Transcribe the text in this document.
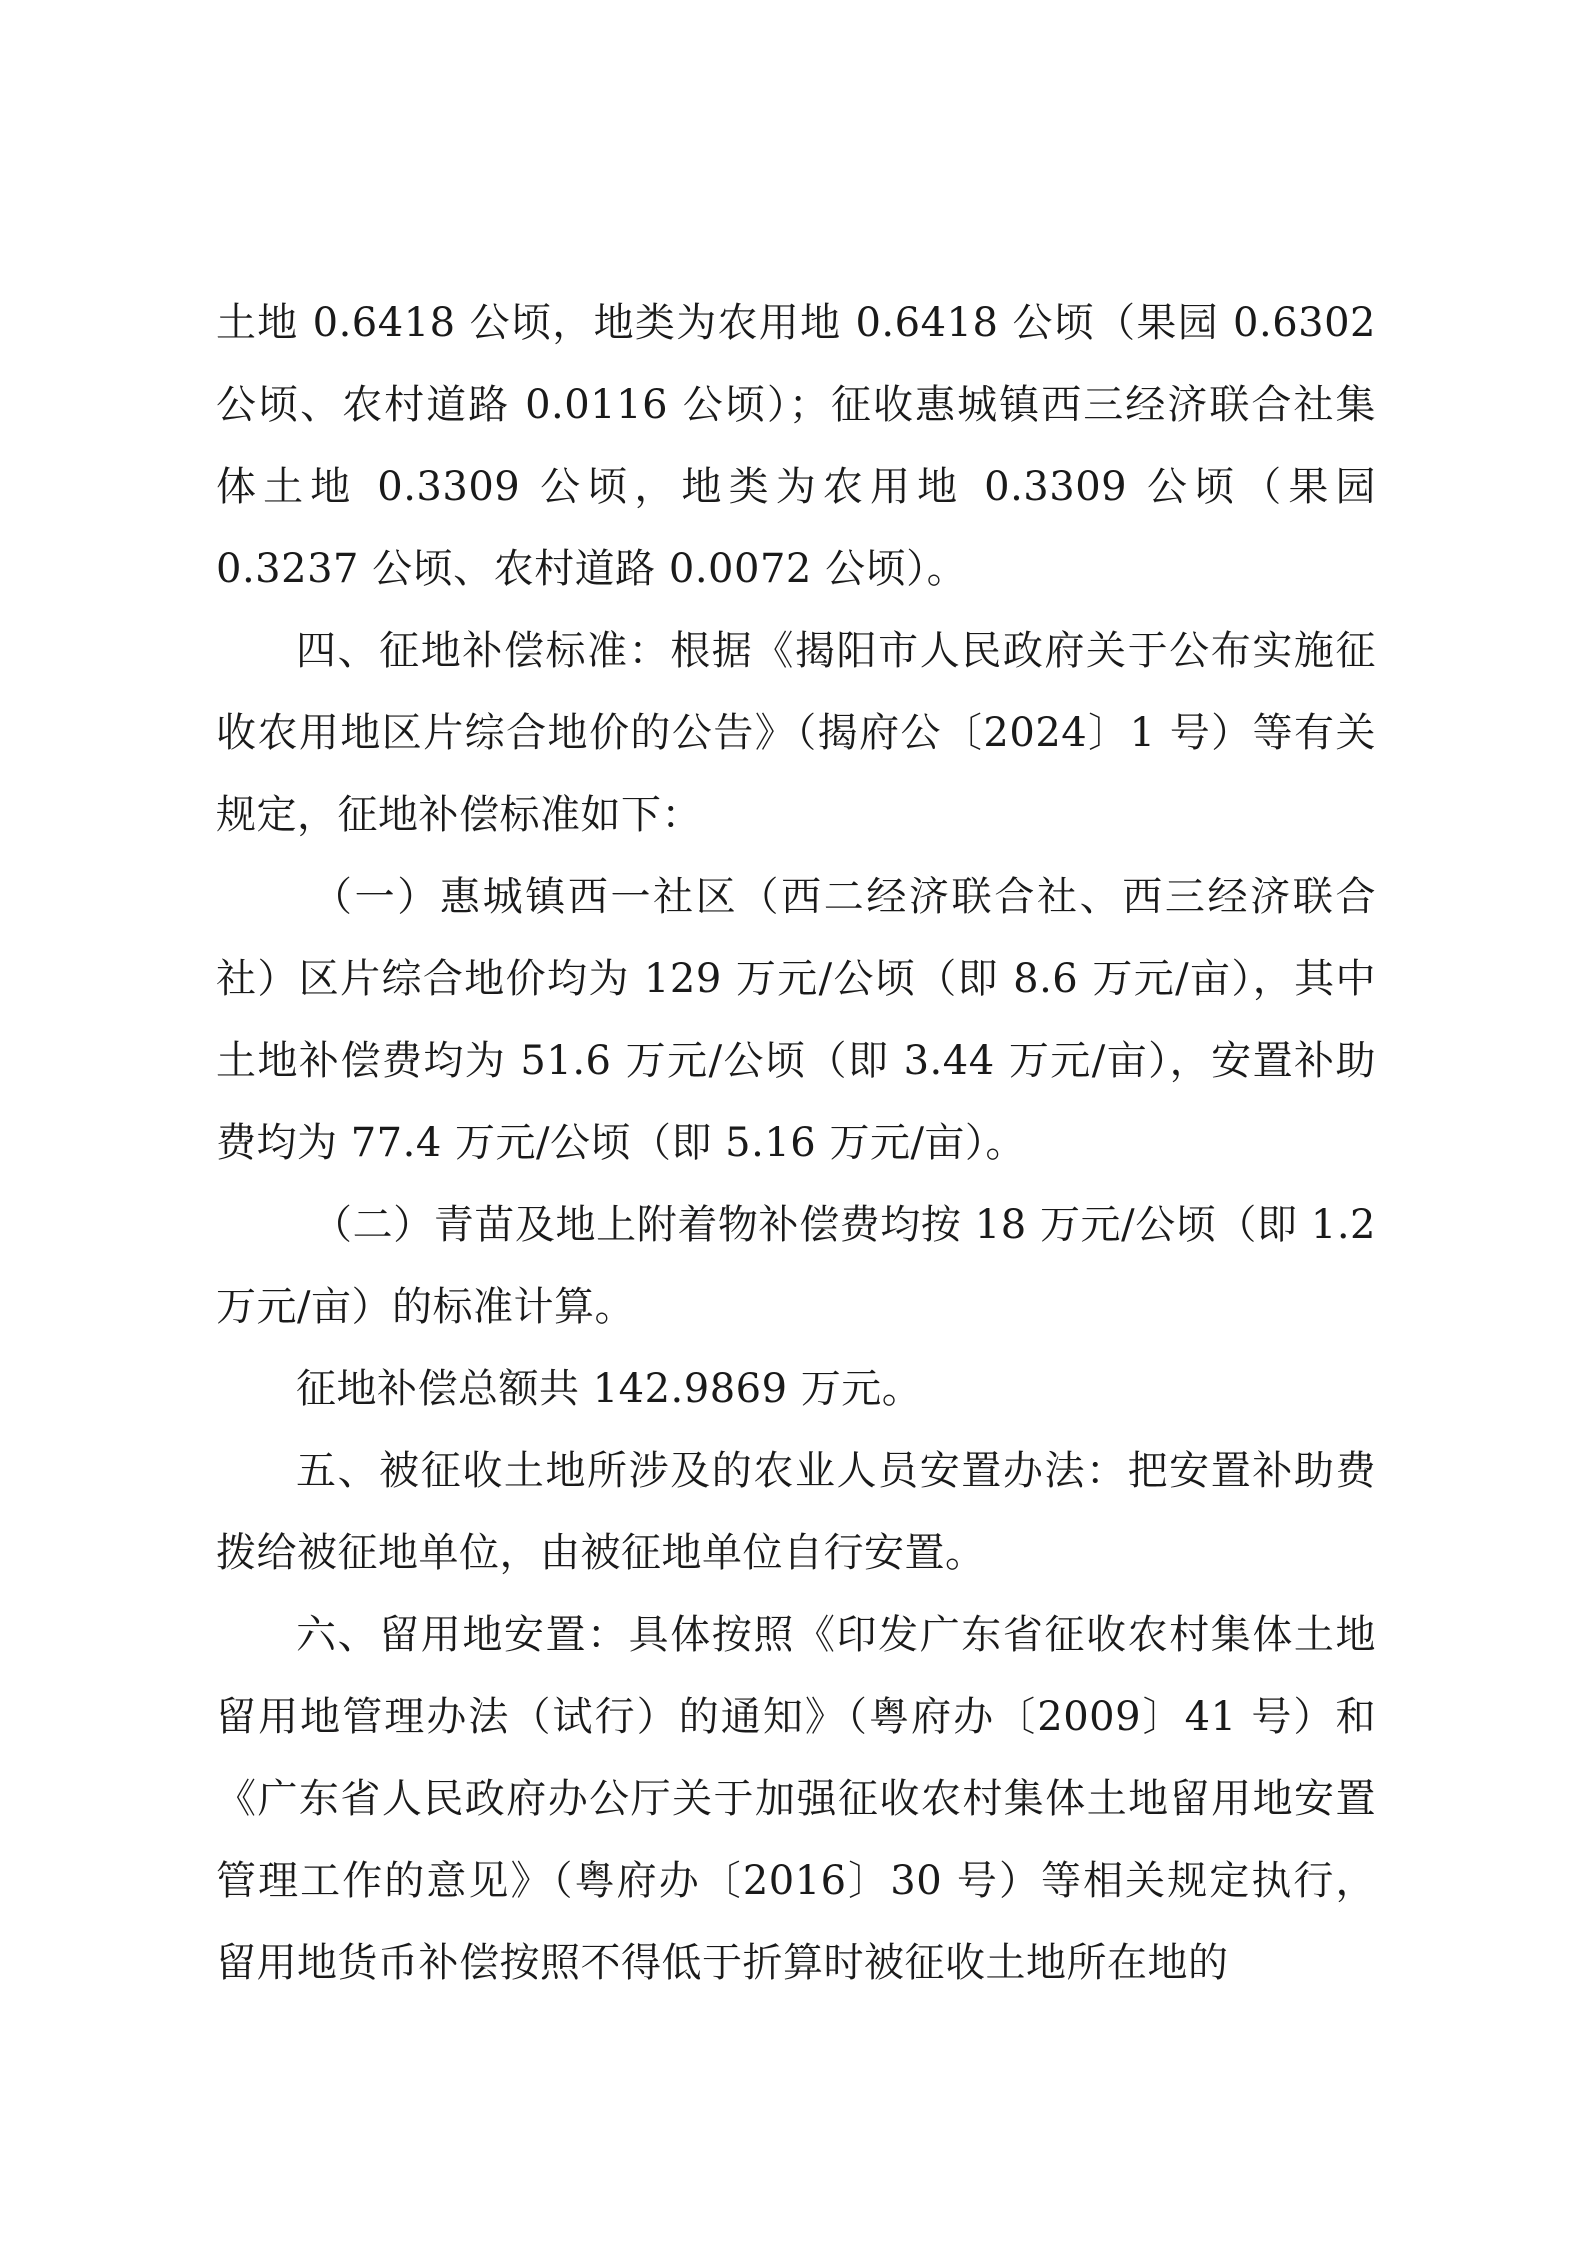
土地 0.6418 公顷，地类为农用地 0.6418 公顷（果园 0.6302 公顷、农村道路 0.0116 公顷）；征收惠城镇西三经济联合社集体土地 0.3309 公顷，地类为农用地 0.3309 公顷（果园 0.3237 公顷、农村道路 0.0072 公顷）。

四、征地补偿标准：根据《揭阳市人民政府关于公布实施征收农用地区片综合地价的公告》（揭府公〔2024〕1 号）等有关规定，征地补偿标准如下：

（一）惠城镇西一社区（西二经济联合社、西三经济联合社）区片综合地价均为 129 万元/公顷（即 8.6 万元/亩），其中土地补偿费均为 51.6 万元/公顷（即 3.44 万元/亩），安置补助费均为 77.4 万元/公顷（即 5.16 万元/亩）。

（二）青苗及地上附着物补偿费均按 18 万元/公顷（即 1.2 万元/亩）的标准计算。

征地补偿总额共 142.9869 万元。

五、被征收土地所涉及的农业人员安置办法：把安置补助费拨给被征地单位，由被征地单位自行安置。

六、留用地安置：具体按照《印发广东省征收农村集体土地留用地管理办法（试行）的通知》（粤府办〔2009〕41 号）和《广东省人民政府办公厅关于加强征收农村集体土地留用地安置管理工作的意见》（粤府办〔2016〕30 号）等相关规定执行，留用地货币补偿按照不得低于折算时被征收土地所在地的
